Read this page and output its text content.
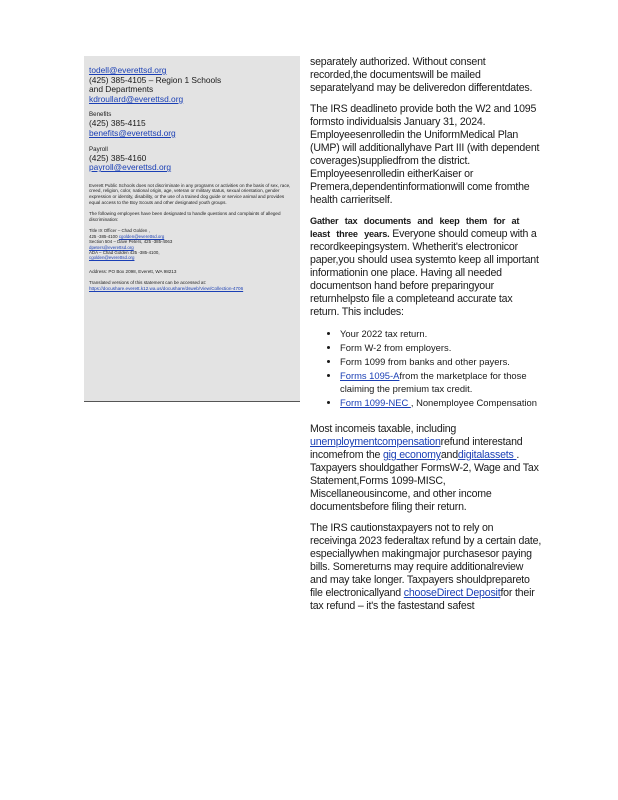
todell@everettsd.org
(425) 385-4105 – Region 1 Schools
and Departments
kdroullard@everettsd.org
Benefits
(425) 385-4115
benefits@everettsd.org
Payroll
(425) 385-4160
payroll@everettsd.org

Everett Public Schools does not discriminate in any programs or activities on the basis of sex, race, creed, religion, color, national origin, age, veteran or military status, sexual orientation, gender expression or identity, disability, or the use of a trained dog guide or service animal and provides equal access to the Boy Scouts and other designated youth groups.

The following employees have been designated to handle questions and complaints of alleged discrimination:

Title IX Officer – Chad Golden ,
425 -385-4100 cgolden@everettsd.org
Section 504 – Dave Peters, 425 -385-4063
dpeters@everettsd.org
ADA – Chad Golden 425 -385-4100,
cgolden@everettsd.org

Address: PO Box 2098, Everett, WA 98213

Translated versions of this statement can be accessed at:

https://docushare.everett.k12.wa.us/docushare/dsweb/View/Collection-4706

separately authorized. Without consent recorded,the documentswill be mailed separatelyand may be deliveredon differentdates.

The IRS deadlineto provide both the W2 and 1095 formsto individualsis January 31, 2024. Employeesenrolledin the UniformMedical Plan (UMP) will additionallyhave Part III (with dependent coverages)suppliedfrom the district. Employeesenrolledin eitherKaiser or Premera,dependentinformationwill come fromthe health carrieritself.

Gather tax documents and keep them for at least three years. Everyone should comeup with a recordkeepingsystem. Whetherit's electronicor paper,you should usea systemto keep all important informationin one place. Having all needed documentson hand before preparingyour returnhelpsto file a completeand accurate tax return. This includes:

• Your 2022 tax return.
• Form W-2 from employers.
• Form 1099 from banks and other payers.
• Forms 1095-Afrom the marketplace for those claiming the premium tax credit.
• Form 1099-NEC , Nonemployee Compensation

Most incomeis taxable, including unemploymentcompensationrefund interestand incomefrom the gig economyanddigitalassets . Taxpayers shouldgather FormsW-2, Wage and Tax Statement,Forms 1099-MISC, Miscellaneousincome, and other income documentsbefore filing their return.

The IRS cautionstaxpayers not to rely on receivinga 2023 federaltax refund by a certain date, especiallywhen makingmajor purchasesor paying bills. Somereturns may require additionalreview and may take longer. Taxpayers shouldprepareto file electronicallyand chooseDirect Depositfor their tax refund – it's the fastestand safest
